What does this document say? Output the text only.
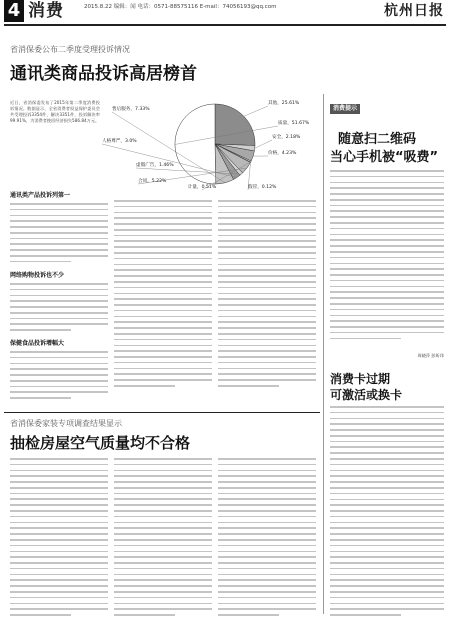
4 消费	2015.8.22 编辑：闻 电话：0571-88575116 E-mail：74056193@qq.com	杭州日报
省消保委公布二季度受理投诉情况
通讯类商品投诉高居榜首
近日，省消保委发布了2015年第二季度消费投诉情况。数据显示，全省消费者权益保护委员会共受理投诉3354件，解决3351件，投诉解决率99.91%，为消费者挽回经济损失586.84万元。
其他，25.61%
安全，2.18%
价格，4.23%
计量，0.51%	假冒，0.12%
合同，5.22%
虚假广告，1.46%
人格尊严，3.0%
售后服务，7.33%
质量，51.67%
通讯类产品投诉列第一
网络购物投诉也不少
保健食品投诉增幅大
消费提示
随意扫二维码
当心手机被“吸费”
周晓萍 彭昕玮
消费卡过期
可激活或换卡
省消保委家装专项调查结果显示
抽检房屋空气质量均不合格
